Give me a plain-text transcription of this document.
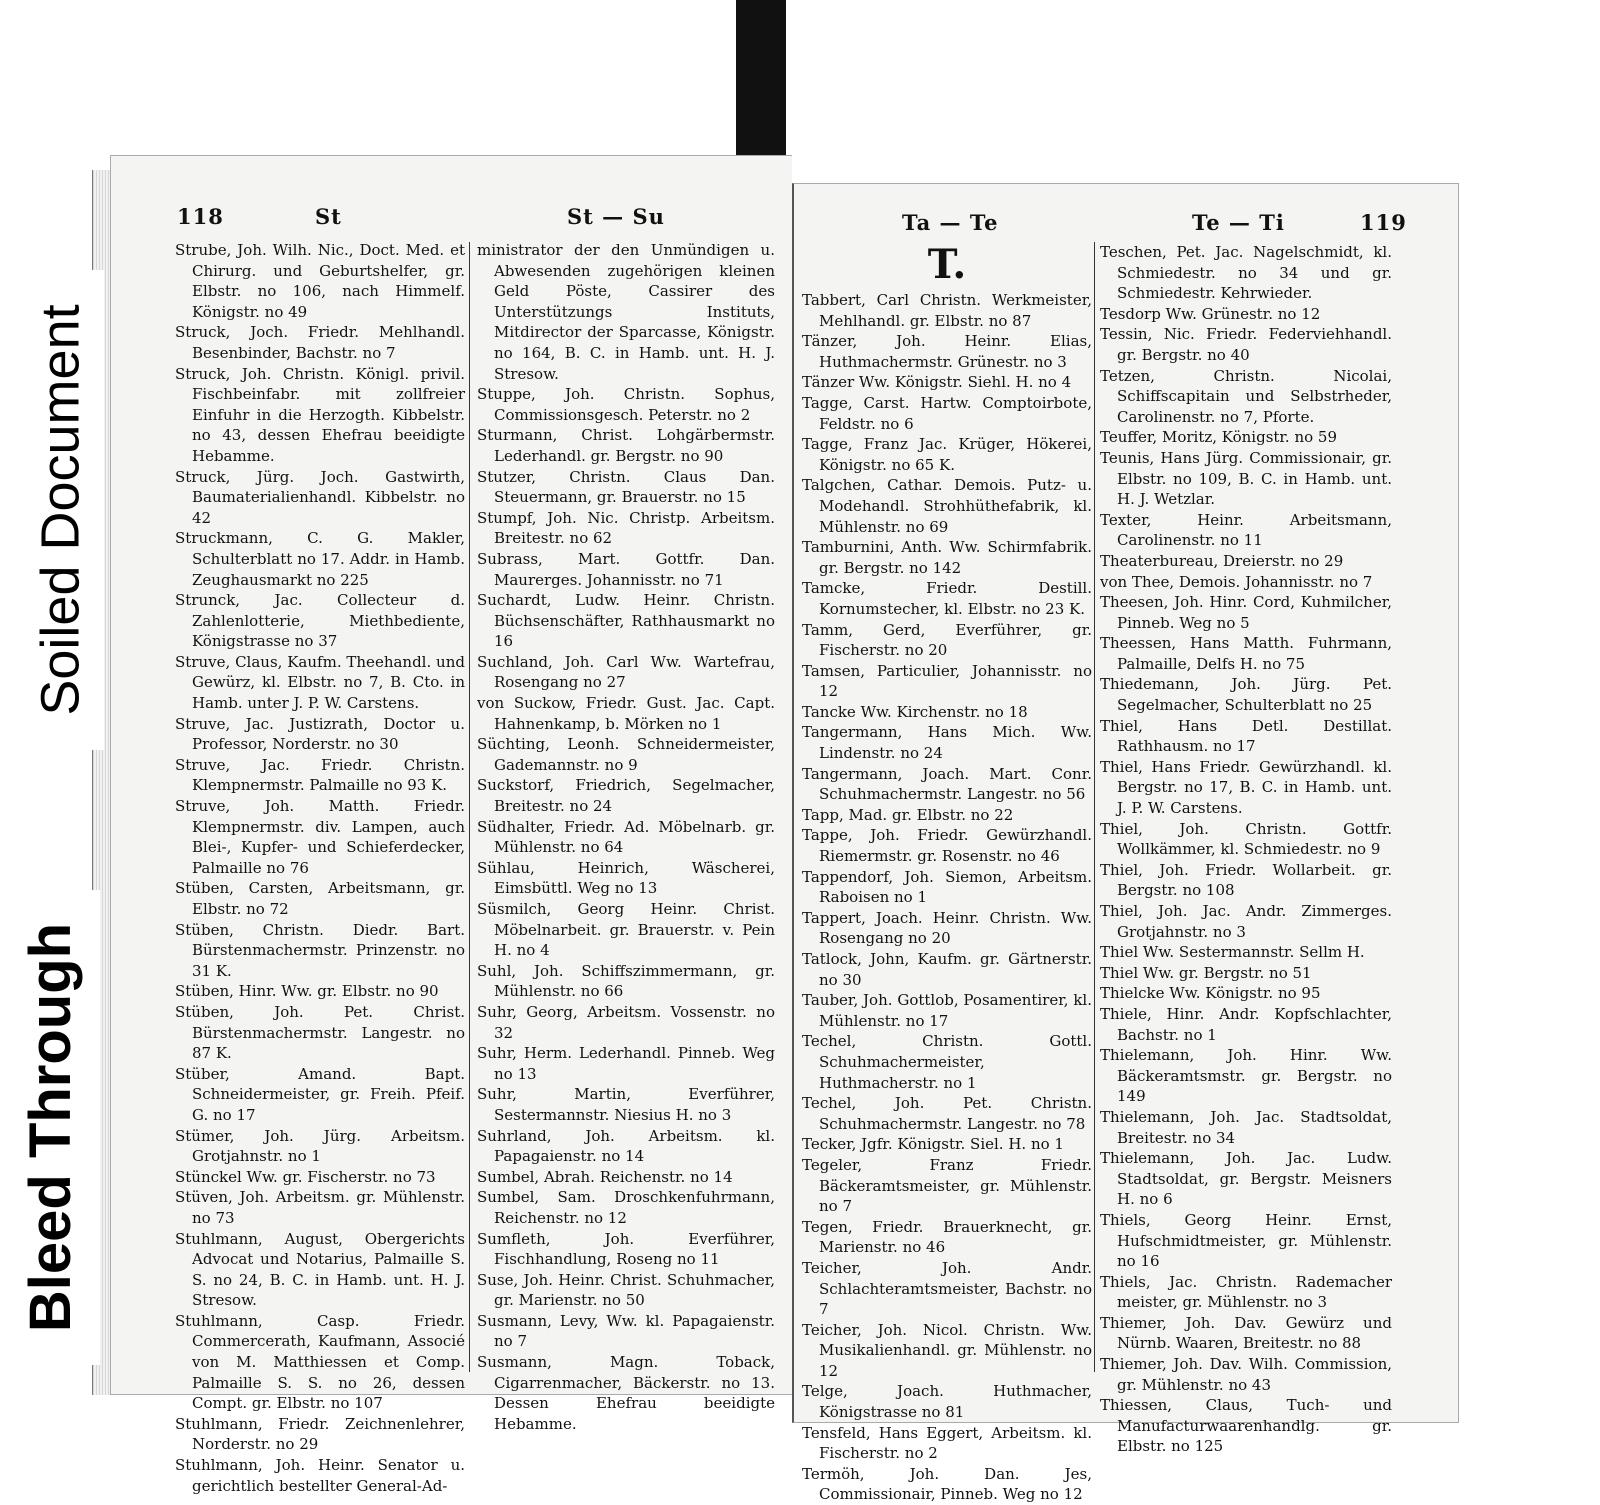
118	St	St — Su

Strube, Joh. Wilh. Nic., Doct. Med. et Chirurg. und Geburtshelfer, gr. Elbstr. no 106, nach Himmelf. Königstr. no 49

Struck, Joch. Friedr. Mehlhandl. Besenbinder, Bachstr. no 7

Struck, Joh. Christn. Königl. privil. Fischbeinfabr. mit zollfreier Einfuhr in die Herzogth. Kibbelstr. no 43, dessen Ehefrau beeidigte Hebamme.

Struck, Jürg. Joch. Gastwirth, Baumaterialienhandl. Kibbelstr. no 42

Struckmann, C. G. Makler, Schulterblatt no 17. Addr. in Hamb. Zeughausmarkt no 225

Strunck, Jac. Collecteur d. Zahlenlotterie, Miethbediente, Königstrasse no 37

Struve, Claus, Kaufm. Theehandl. und Gewürz, kl. Elbstr. no 7, B. Cto. in Hamb. unter J. P. W. Carstens.

Struve, Jac. Justizrath, Doctor u. Professor, Norderstr. no 30

Struve, Jac. Friedr. Christn. Klempnermstr. Palmaille no 93 K.

Struve, Joh. Matth. Friedr. Klempnermstr. div. Lampen, auch Blei-, Kupfer- und Schieferdecker, Palmaille no 76

Stüben, Carsten, Arbeitsmann, gr. Elbstr. no 72

Stüben, Christn. Diedr. Bart. Bürstenmachermstr. Prinzenstr. no 31 K.

Stüben, Hinr. Ww. gr. Elbstr. no 90

Stüben, Joh. Pet. Christ. Bürstenmachermstr. Langestr. no 87 K.

Stüber, Amand. Bapt. Schneidermeister, gr. Freih. Pfeif. G. no 17

Stümer, Joh. Jürg. Arbeitsm. Grotjahnstr. no 1

Stünckel Ww. gr. Fischerstr. no 73

Stüven, Joh. Arbeitsm. gr. Mühlenstr. no 73

Stuhlmann, August, Obergerichts Advocat und Notarius, Palmaille S. S. no 24, B. C. in Hamb. unt. H. J. Stresow.

Stuhlmann, Casp. Friedr. Commercerath, Kaufmann, Associé von M. Matthiessen et Comp. Palmaille S. S. no 26, dessen Compt. gr. Elbstr. no 107

Stuhlmann, Friedr. Zeichnenlehrer, Norderstr. no 29

Stuhlmann, Joh. Heinr. Senator u. gerichtlich bestellter General-Ad-

ministrator der den Unmündigen u. Abwesenden zugehörigen kleinen Geld Pöste, Cassirer des Unterstützungs Instituts, Mitdirector der Sparcasse, Königstr. no 164, B. C. in Hamb. unt. H. J. Stresow.

Stuppe, Joh. Christn. Sophus, Commissionsgesch. Peterstr. no 2

Sturmann, Christ. Lohgärbermstr. Lederhandl. gr. Bergstr. no 90

Stutzer, Christn. Claus Dan. Steuermann, gr. Brauerstr. no 15

Stumpf, Joh. Nic. Christp. Arbeitsm. Breitestr. no 62

Subrass, Mart. Gottfr. Dan. Maurerges. Johannisstr. no 71

Suchardt, Ludw. Heinr. Christn. Büchsenschäfter, Rathhausmarkt no 16

Suchland, Joh. Carl Ww. Wartefrau, Rosengang no 27

von Suckow, Friedr. Gust. Jac. Capt. Hahnenkamp, b. Mörken no 1

Süchting, Leonh. Schneidermeister, Gademannstr. no 9

Suckstorf, Friedrich, Segelmacher, Breitestr. no 24

Südhalter, Friedr. Ad. Möbelnarb. gr. Mühlenstr. no 64

Sühlau, Heinrich, Wäscherei, Eimsbüttl. Weg no 13

Süsmilch, Georg Heinr. Christ. Möbelnarbeit. gr. Brauerstr. v. Pein H. no 4

Suhl, Joh. Schiffszimmermann, gr. Mühlenstr. no 66

Suhr, Georg, Arbeitsm. Vossenstr. no 32

Suhr, Herm. Lederhandl. Pinneb. Weg no 13

Suhr, Martin, Everführer, Sestermannstr. Niesius H. no 3

Suhrland, Joh. Arbeitsm. kl. Papagaienstr. no 14

Sumbel, Abrah. Reichenstr. no 14

Sumbel, Sam. Droschkenfuhrmann, Reichenstr. no 12

Sumfleth, Joh. Everführer, Fischhandlung, Roseng no 11

Suse, Joh. Heinr. Christ. Schuhmacher, gr. Marienstr. no 50

Susmann, Levy, Ww. kl. Papagaienstr. no 7

Susmann, Magn. Toback, Cigarrenmacher, Bäckerstr. no 13. Dessen Ehefrau beeidigte Hebamme.

Ta — Te	Te — Ti	119
T.

Tabbert, Carl Christn. Werkmeister, Mehlhandl. gr. Elbstr. no 87

Tänzer, Joh. Heinr. Elias, Huthmachermstr. Grünestr. no 3

Tänzer Ww. Königstr. Siehl. H. no 4

Tagge, Carst. Hartw. Comptoirbote, Feldstr. no 6

Tagge, Franz Jac. Krüger, Hökerei, Königstr. no 65 K.

Talgchen, Cathar. Demois. Putz- u. Modehandl. Strohhüthefabrik, kl. Mühlenstr. no 69

Tamburnini, Anth. Ww. Schirmfabrik. gr. Bergstr. no 142

Tamcke, Friedr. Destill. Kornumstecher, kl. Elbstr. no 23 K.

Tamm, Gerd, Everführer, gr. Fischerstr. no 20

Tamsen, Particulier, Johannisstr. no 12

Tancke Ww. Kirchenstr. no 18

Tangermann, Hans Mich. Ww. Lindenstr. no 24

Tangermann, Joach. Mart. Conr. Schuhmachermstr. Langestr. no 56

Tapp, Mad. gr. Elbstr. no 22

Tappe, Joh. Friedr. Gewürzhandl. Riemermstr. gr. Rosenstr. no 46

Tappendorf, Joh. Siemon, Arbeitsm. Raboisen no 1

Tappert, Joach. Heinr. Christn. Ww. Rosengang no 20

Tatlock, John, Kaufm. gr. Gärtnerstr. no 30

Tauber, Joh. Gottlob, Posamentirer, kl. Mühlenstr. no 17

Techel, Christn. Gottl. Schuhmachermeister, Huthmacherstr. no 1

Techel, Joh. Pet. Christn. Schuhmachermstr. Langestr. no 78

Tecker, Jgfr. Königstr. Siel. H. no 1

Tegeler, Franz Friedr. Bäckeramtsmeister, gr. Mühlenstr. no 7

Tegen, Friedr. Brauerknecht, gr. Marienstr. no 46

Teicher, Joh. Andr. Schlachteramtsmeister, Bachstr. no 7

Teicher, Joh. Nicol. Christn. Ww. Musikalienhandl. gr. Mühlenstr. no 12

Telge, Joach. Huthmacher, Königstrasse no 81

Tensfeld, Hans Eggert, Arbeitsm. kl. Fischerstr. no 2

Termöh, Joh. Dan. Jes, Commissionair, Pinneb. Weg no 12

Teschen, Pet. Jac. Nagelschmidt, kl. Schmiedestr. no 34 und gr. Schmiedestr. Kehrwieder.

Tesdorp Ww. Grünestr. no 12

Tessin, Nic. Friedr. Federviehhandl. gr. Bergstr. no 40

Tetzen, Christn. Nicolai, Schiffscapitain und Selbstrheder, Carolinenstr. no 7, Pforte.

Teuffer, Moritz, Königstr. no 59

Teunis, Hans Jürg. Commissionair, gr. Elbstr. no 109, B. C. in Hamb. unt. H. J. Wetzlar.

Texter, Heinr. Arbeitsmann, Carolinenstr. no 11

Theaterbureau, Dreierstr. no 29

von Thee, Demois. Johannisstr. no 7

Theesen, Joh. Hinr. Cord, Kuhmilcher, Pinneb. Weg no 5

Theessen, Hans Matth. Fuhrmann, Palmaille, Delfs H. no 75

Thiedemann, Joh. Jürg. Pet. Segelmacher, Schulterblatt no 25

Thiel, Hans Detl. Destillat. Rathhausm. no 17

Thiel, Hans Friedr. Gewürzhandl. kl. Bergstr. no 17, B. C. in Hamb. unt. J. P. W. Carstens.

Thiel, Joh. Christn. Gottfr. Wollkämmer, kl. Schmiedestr. no 9

Thiel, Joh. Friedr. Wollarbeit. gr. Bergstr. no 108

Thiel, Joh. Jac. Andr. Zimmerges. Grotjahnstr. no 3

Thiel Ww. Sestermannstr. Sellm H.

Thiel Ww. gr. Bergstr. no 51

Thielcke Ww. Königstr. no 95

Thiele, Hinr. Andr. Kopfschlachter, Bachstr. no 1

Thielemann, Joh. Hinr. Ww. Bäckeramtsmstr. gr. Bergstr. no 149

Thielemann, Joh. Jac. Stadtsoldat, Breitestr. no 34

Thielemann, Joh. Jac. Ludw. Stadtsoldat, gr. Bergstr. Meisners H. no 6

Thiels, Georg Heinr. Ernst, Hufschmidtmeister, gr. Mühlenstr. no 16

Thiels, Jac. Christn. Rademacher meister, gr. Mühlenstr. no 3

Thiemer, Joh. Dav. Gewürz und Nürnb. Waaren, Breitestr. no 88

Thiemer, Joh. Dav. Wilh. Commission, gr. Mühlenstr. no 43

Thiessen, Claus, Tuch- und Manufacturwaarenhandlg. gr. Elbstr. no 125

Soiled Document
Bleed Through
